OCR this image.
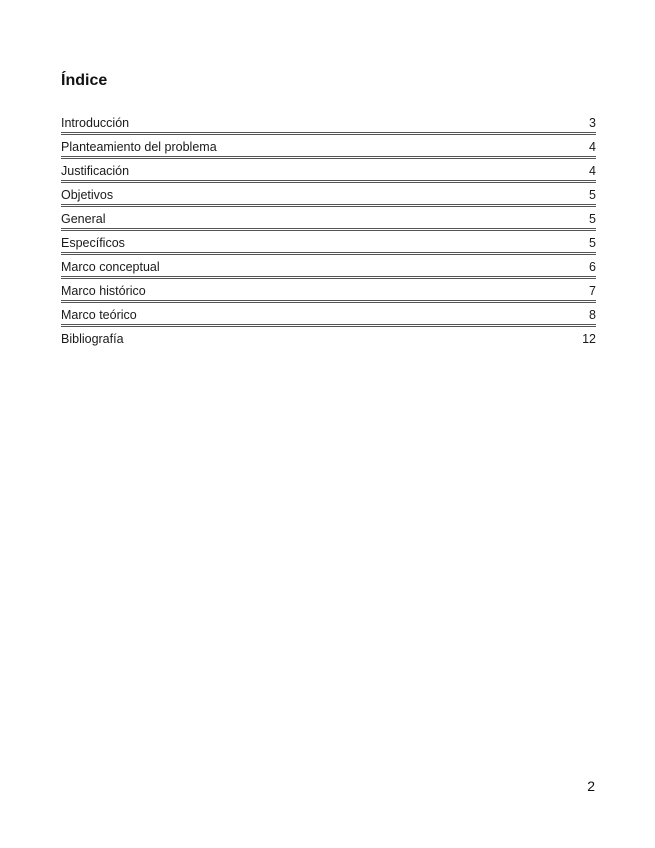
Índice
Introducción	3
Planteamiento del problema	4
Justificación	4
Objetivos	5
General	5
Específicos	5
Marco conceptual	6
Marco histórico	7
Marco teórico	8
Bibliografía	12
2
